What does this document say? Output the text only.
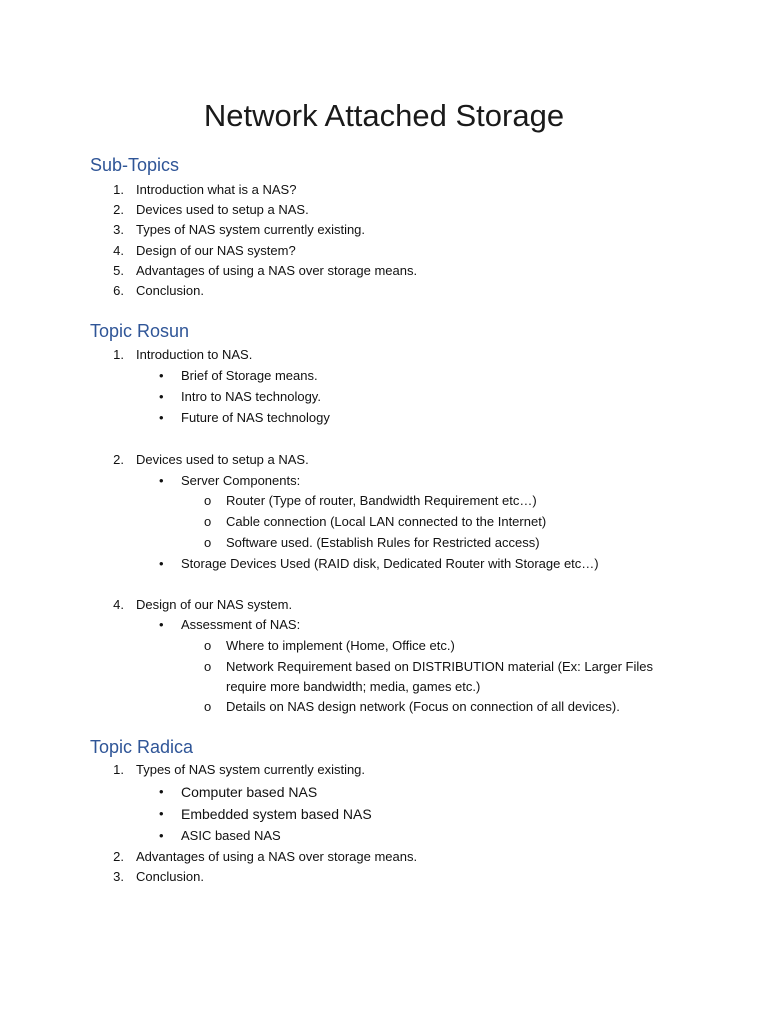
Network Attached Storage
Sub-Topics
1. Introduction what is a NAS?
2. Devices used to setup a NAS.
3. Types of NAS system currently existing.
4. Design of our NAS system?
5. Advantages of using a NAS over storage means.
6. Conclusion.
Topic Rosun
1. Introduction to NAS.
• Brief of Storage means.
• Intro to NAS technology.
• Future of NAS technology
2. Devices used to setup a NAS.
• Server Components:
o Router (Type of router, Bandwidth Requirement etc…)
o Cable connection (Local LAN connected to the Internet)
o Software used. (Establish Rules for Restricted access)
• Storage Devices Used (RAID disk, Dedicated Router with Storage etc…)
4. Design of our NAS system.
• Assessment of NAS:
o Where to implement (Home, Office etc.)
o Network Requirement based on DISTRIBUTION material (Ex: Larger Files
require more bandwidth; media, games etc.)
o Details on NAS design network (Focus on connection of all devices).
Topic Radica
1. Types of NAS system currently existing.
• Computer based NAS
• Embedded system based NAS
• ASIC based NAS
2. Advantages of using a NAS over storage means.
3. Conclusion.
